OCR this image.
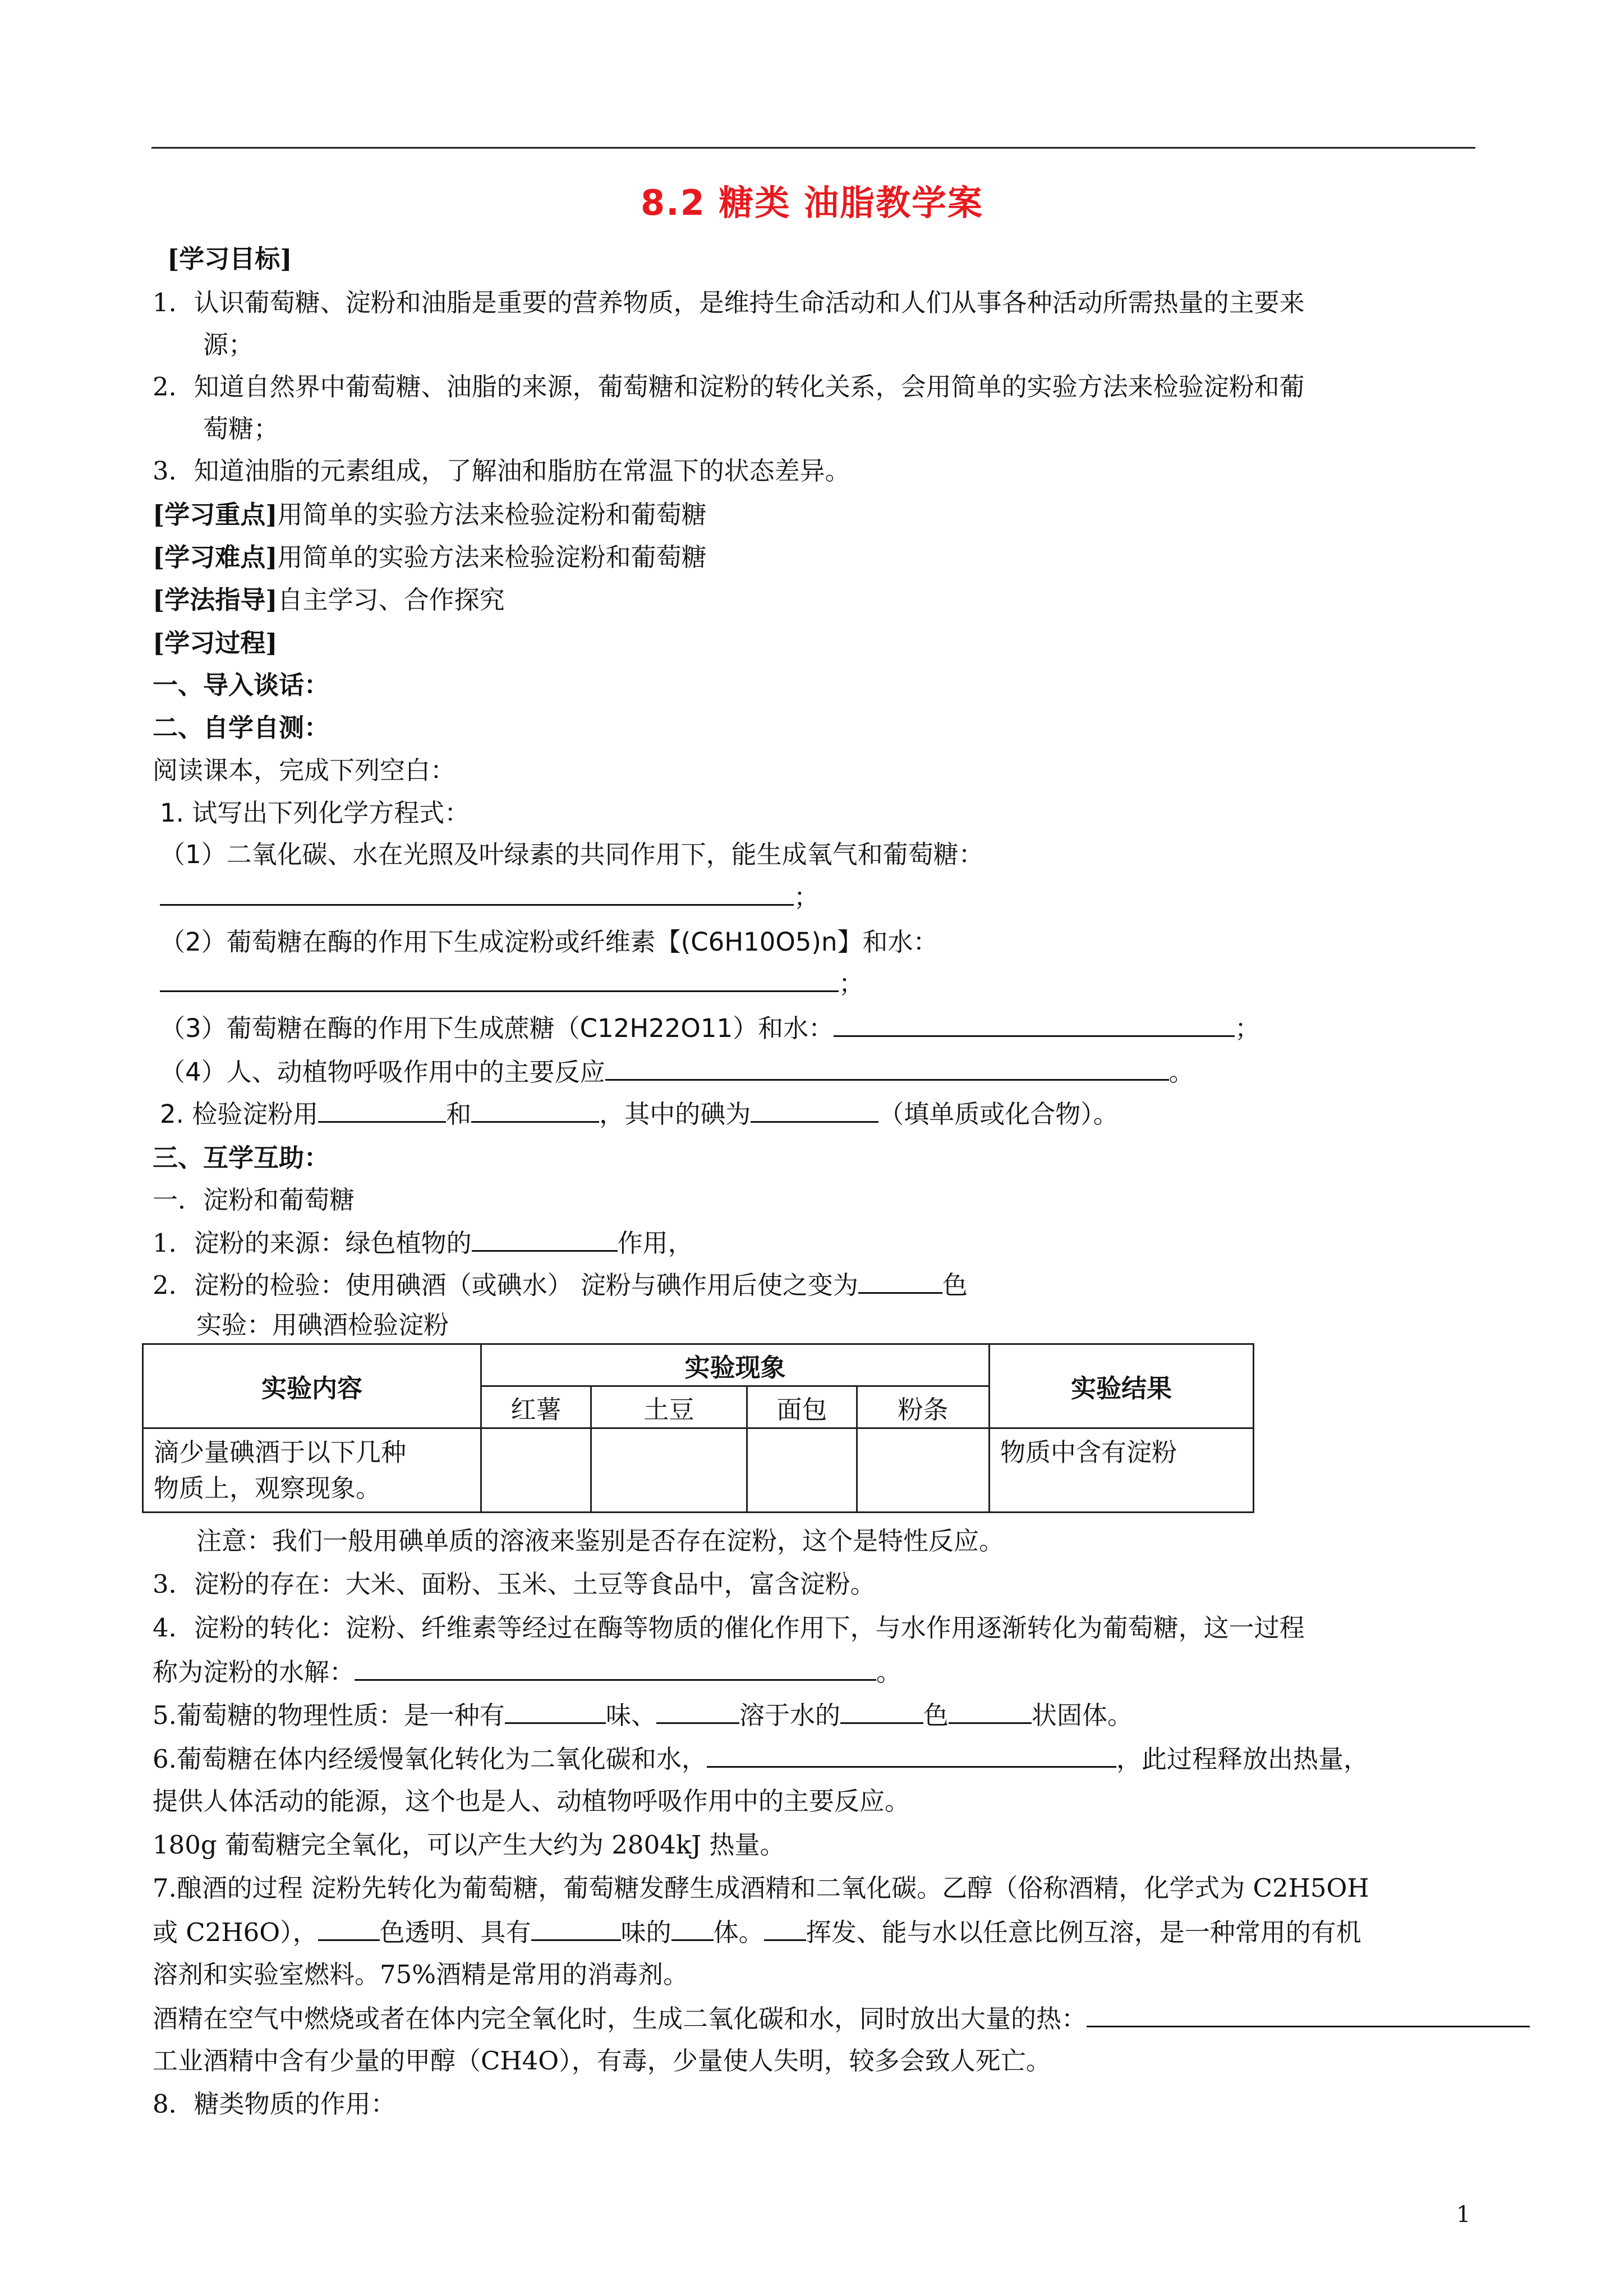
8.2 糖类 油脂教学案
[学习目标]
1．认识葡萄糖、淀粉和油脂是重要的营养物质，是维持生命活动和人们从事各种活动所需热量的主要来
源；
2．知道自然界中葡萄糖、油脂的来源，葡萄糖和淀粉的转化关系，会用简单的实验方法来检验淀粉和葡
萄糖；
3．知道油脂的元素组成，了解油和脂肪在常温下的状态差异。
[学习重点]用简单的实验方法来检验淀粉和葡萄糖
[学习难点]用简单的实验方法来检验淀粉和葡萄糖
[学法指导]自主学习、合作探究
[学习过程]
一、导入谈话：
二、自学自测：
阅读课本，完成下列空白：
1. 试写出下列化学方程式：
（1）二氧化碳、水在光照及叶绿素的共同作用下，能生成氧气和葡萄糖：
；
（2）葡萄糖在酶的作用下生成淀粉或纤维素【(C6H10O5)n】和水：
；
（3）葡萄糖在酶的作用下生成蔗糖（C12H22O11）和水：	；
（4）人、动植物呼吸作用中的主要反应	。
2. 检验淀粉用	和	，其中的碘为	（填单质或化合物）。
三、互学互助：
一．淀粉和葡萄糖
1．淀粉的来源：绿色植物的	作用，
2．淀粉的检验：使用碘酒（或碘水） 淀粉与碘作用后使之变为	色
实验：用碘酒检验淀粉
实验内容	实验现象				实验结果
	红薯	土豆	面包	粉条	
滴少量碘酒于以下几种
物质上，观察现象。					物质中含有淀粉
注意：我们一般用碘单质的溶液来鉴别是否存在淀粉，这个是特性反应。
3．淀粉的存在：大米、面粉、玉米、土豆等食品中，富含淀粉。
4．淀粉的转化：淀粉、纤维素等经过在酶等物质的催化作用下，与水作用逐渐转化为葡萄糖，这一过程
称为淀粉的水解：	。
5.葡萄糖的物理性质：是一种有	味、	溶于水的	色	状固体。
6.葡萄糖在体内经缓慢氧化转化为二氧化碳和水，	，此过程释放出热量，
提供人体活动的能源，这个也是人、动植物呼吸作用中的主要反应。
180g 葡萄糖完全氧化，可以产生大约为 2804kJ 热量。
7.酿酒的过程 淀粉先转化为葡萄糖，葡萄糖发酵生成酒精和二氧化碳。乙醇（俗称酒精，化学式为 C2H5OH
或 C2H6O）， 色透明、具有	味的 体。 挥发、能与水以任意比例互溶，是一种常用的有机
溶剂和实验室燃料。75%酒精是常用的消毒剂。
酒精在空气中燃烧或者在体内完全氧化时，生成二氧化碳和水，同时放出大量的热：
工业酒精中含有少量的甲醇（CH4O），有毒，少量使人失明，较多会致人死亡。
8．糖类物质的作用：
1
